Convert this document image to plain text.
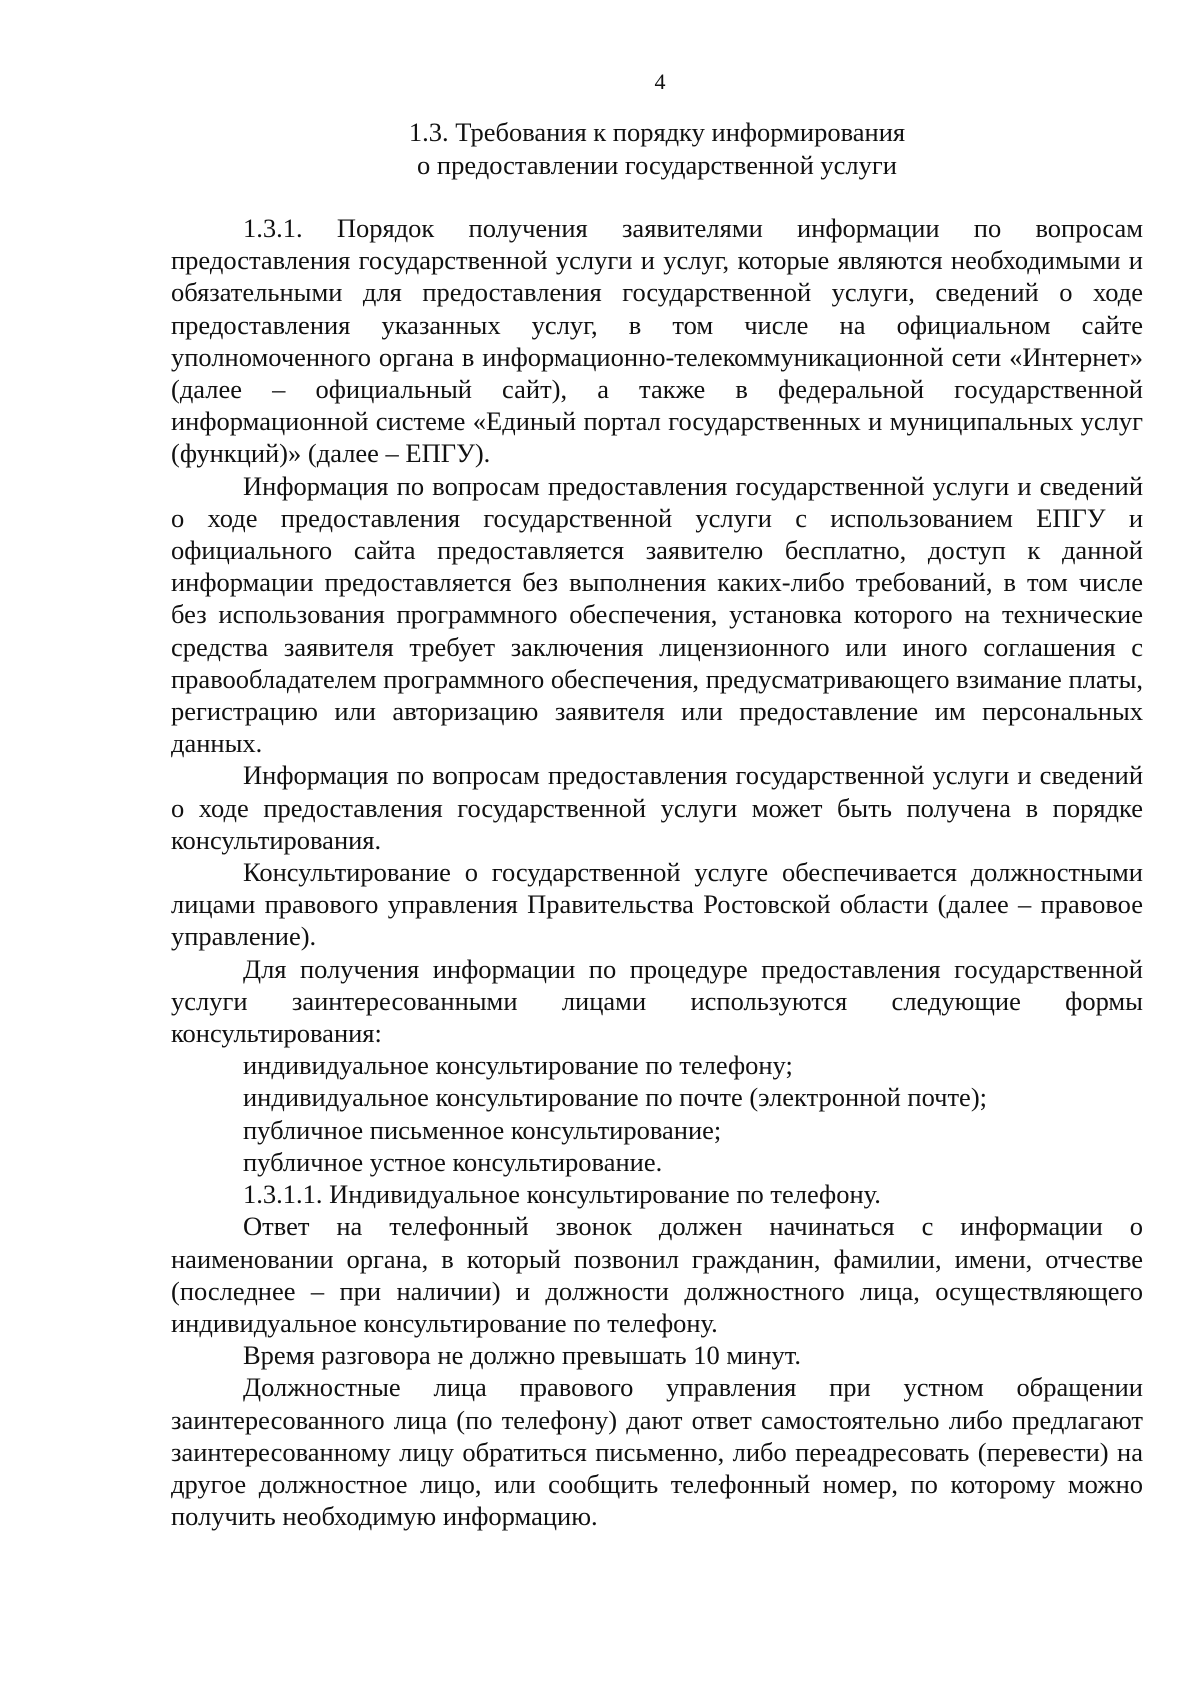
4
1.3. Требования к порядку информирования
о предоставлении государственной услуги

1.3.1. Порядок получения заявителями информации по вопросам предоставления государственной услуги и услуг, которые являются необходимыми и обязательными для предоставления государственной услуги, сведений о ходе предоставления указанных услуг, в том числе на официальном сайте уполномоченного органа в информационно-телекоммуникационной сети «Интернет» (далее – официальный сайт), а также в федеральной государственной информационной системе «Единый портал государственных и муниципальных услуг (функций)» (далее – ЕПГУ).

Информация по вопросам предоставления государственной услуги и сведений о ходе предоставления государственной услуги с использованием ЕПГУ и официального сайта предоставляется заявителю бесплатно, доступ к данной информации предоставляется без выполнения каких-либо требований, в том числе без использования программного обеспечения, установка которого на технические средства заявителя требует заключения лицензионного или иного соглашения с правообладателем программного обеспечения, предусматривающего взимание платы, регистрацию или авторизацию заявителя или предоставление им персональных данных.

Информация по вопросам предоставления государственной услуги и сведений о ходе предоставления государственной услуги может быть получена в порядке консультирования.

Консультирование о государственной услуге обеспечивается должностными лицами правового управления Правительства Ростовской области (далее – правовое управление).

Для получения информации по процедуре предоставления государственной услуги заинтересованными лицами используются следующие формы консультирования:

индивидуальное консультирование по телефону;

индивидуальное консультирование по почте (электронной почте);

публичное письменное консультирование;

публичное устное консультирование.

1.3.1.1. Индивидуальное консультирование по телефону.

Ответ на телефонный звонок должен начинаться с информации о наименовании органа, в который позвонил гражданин, фамилии, имени, отчестве (последнее – при наличии) и должности должностного лица, осуществляющего индивидуальное консультирование по телефону.

Время разговора не должно превышать 10 минут.

Должностные лица правового управления при устном обращении заинтересованного лица (по телефону) дают ответ самостоятельно либо предлагают заинтересованному лицу обратиться письменно, либо переадресовать (перевести) на другое должностное лицо, или сообщить телефонный номер, по которому можно получить необходимую информацию.
